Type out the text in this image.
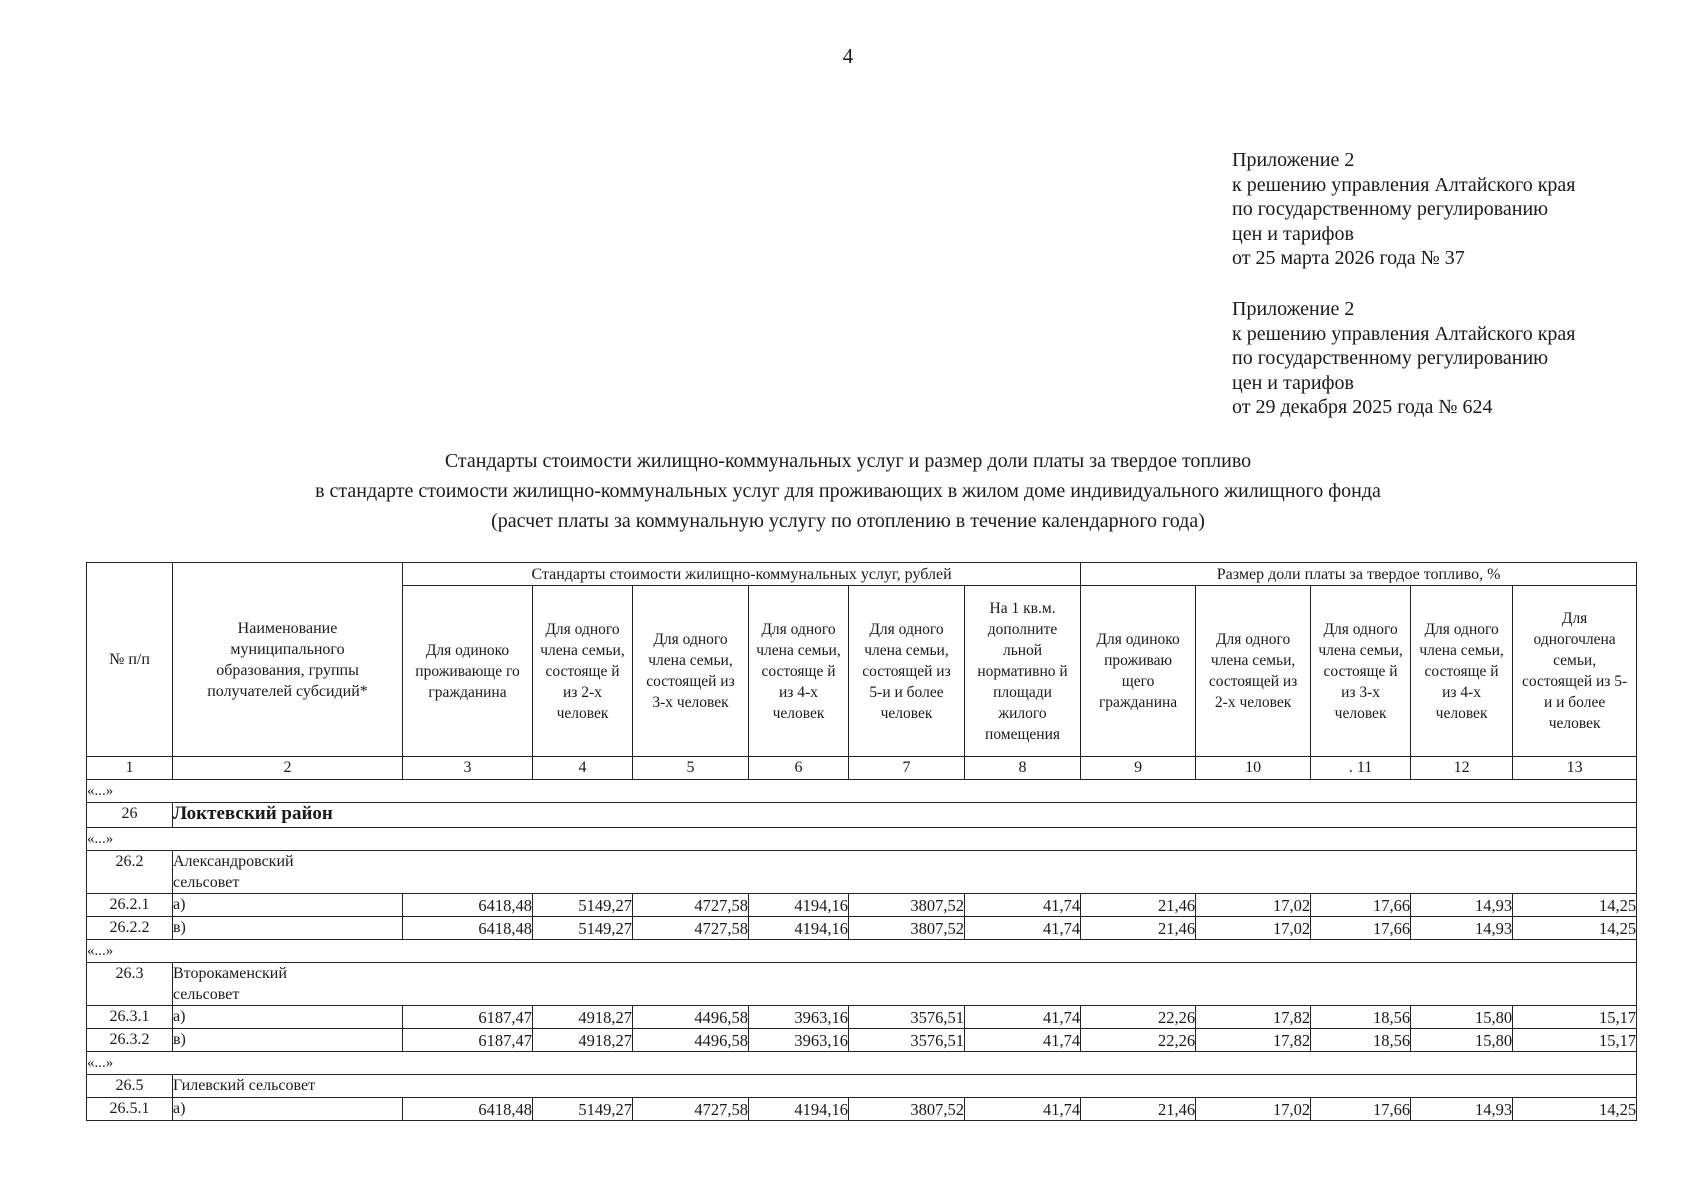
4
Приложение 2
к решению управления Алтайского края
по государственному регулированию
цен и тарифов
от 25 марта 2026 года № 37
Приложение 2
к решению управления Алтайского края
по государственному регулированию
цен и тарифов
от 29 декабря 2025 года № 624
Стандарты стоимости жилищно-коммунальных услуг и размер доли платы за твердое топливо
в стандарте стоимости жилищно-коммунальных услуг для проживающих в жилом доме индивидуального жилищного фонда
(расчет платы за коммунальную услугу по отоплению в течение календарного года)
№ п/п	Наименование муниципального образования, группы получателей субсидий*	Стандарты стоимости жилищно-коммунальных услуг, рублей						Размер доли платы за твердое топливо, %				
		Для одиноко проживающе го гражданина	Для одного члена семьи, состояще й из 2-х человек	Для одного члена семьи, состоящей из 3-х человек	Для одного члена семьи, состояще й из 4-х человек	Для одного члена семьи, состоящей из 5-и и более человек	На 1 кв.м. дополните льной нормативно й площади жилого помещения	Для одиноко проживаю щего гражданина	Для одного члена семьи, состоящей из 2-х человек	Для одного члена семьи, состояще й из 3-х человек	Для одного члена семьи, состояще й из 4-х человек	Для одногочлена семьи, состоящей из 5-и и более человек
1	2	3	4	5	6	7	8	9	10	. 11	12	13
«...»												
26	Локтевский район											
«...»												
26.2	Александровский сельсовет											

26.2.1	а)	6418,48	5149,27	4727,58	4194,16	3807,52	41,74	21,46	17,02	17,66	14,93	14,25
26.2.2	в)	6418,48	5149,27	4727,58	4194,16	3807,52	41,74	21,46	17,02	17,66	14,93	14,25
«...»												
26.3	Второкаменский сельсовет											

26.3.1	а)	6187,47	4918,27	4496,58	3963,16	3576,51	41,74	22,26	17,82	18,56	15,80	15,17
26.3.2	в)	6187,47	4918,27	4496,58	3963,16	3576,51	41,74	22,26	17,82	18,56	15,80	15,17
«...»												
26.5	Гилевский сельсовет											
26.5.1	а)	6418,48	5149,27	4727,58	4194,16	3807,52	41,74	21,46	17,02	17,66	14,93	14,25
